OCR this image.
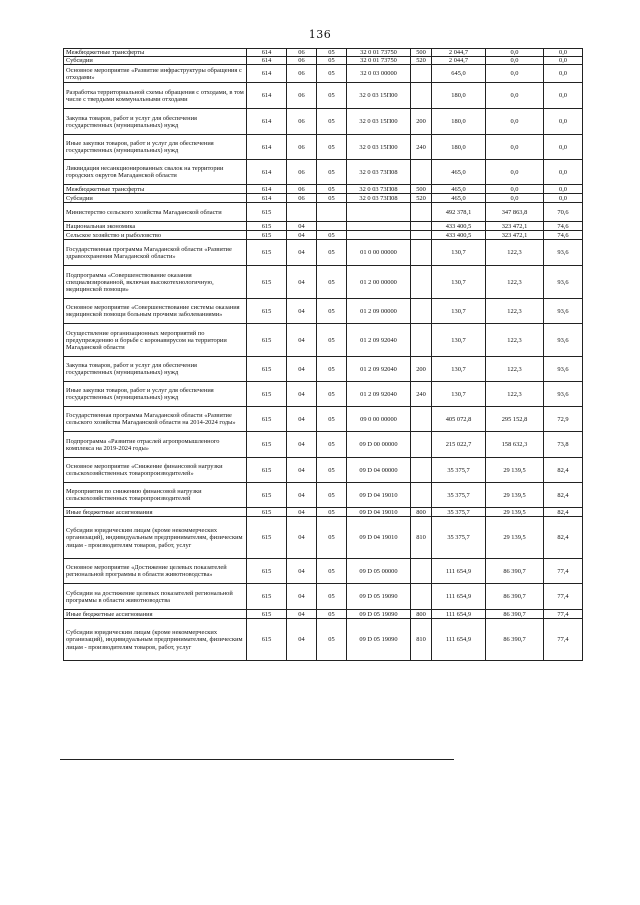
136
Межбюджетные трансферты	614	06	05	32 0 01 73750	500	2 044,7	0,0	0,0
Субсидии	614	06	05	32 0 01 73750	520	2 044,7	0,0	0,0
Основное мероприятие «Развитие инфраструктуры обращения с отходами»	614	06	05	32 0 03 00000		645,0	0,0	0,0
Разработка территориальной схемы обращения с отходами, в том числе с твердыми коммунальными отходами	614	06	05	32 0 03 15П00		180,0	0,0	0,0
Закупка товаров, работ и услуг для обеспечения государственных (муниципальных) нужд	614	06	05	32 0 03 15П00	200	180,0	0,0	0,0
Иные закупки товаров, работ и услуг для обеспечения государственных (муниципальных) нужд	614	06	05	32 0 03 15П00	240	180,0	0,0	0,0
Ликвидация несанкционированных свалок на территории городских округов Магаданской области	614	06	05	32 0 03 73П08		465,0	0,0	0,0
Межбюджетные трансферты	614	06	05	32 0 03 73П08	500	465,0	0,0	0,0
Субсидии	614	06	05	32 0 03 73П08	520	465,0	0,0	0,0
Министерство сельского хозяйства Магаданской области	615					492 378,1	347 863,8	70,6
Национальная экономика	615	04				433 400,5	323 472,1	74,6
Сельское хозяйство и рыболовство	615	04	05			433 400,5	323 472,1	74,6
Государственная программа Магаданской области «Развитие здравоохранения Магаданской области»	615	04	05	01 0 00 00000		130,7	122,3	93,6
Подпрограмма «Совершенствование оказания специализированной, включая высокотехнологичную, медицинской помощи»	615	04	05	01 2 00 00000		130,7	122,3	93,6
Основное мероприятие «Совершенствование системы оказания медицинской помощи больным прочими заболеваниями»	615	04	05	01 2 09 00000		130,7	122,3	93,6
Осуществление организационных мероприятий по предупреждению и борьбе с коронавирусом на территории Магаданской области	615	04	05	01 2 09 92040		130,7	122,3	93,6
Закупка товаров, работ и услуг для обеспечения государственных (муниципальных) нужд	615	04	05	01 2 09 92040	200	130,7	122,3	93,6
Иные закупки товаров, работ и услуг для обеспечения государственных (муниципальных) нужд	615	04	05	01 2 09 92040	240	130,7	122,3	93,6
Государственная программа Магаданской области «Развитие сельского хозяйства Магаданской области на 2014-2024 годы»	615	04	05	09 0 00 00000		405 072,8	295 152,8	72,9
Подпрограмма «Развитие отраслей агропромышленного комплекса на 2019-2024 годы»	615	04	05	09 D 00 00000		215 022,7	158 632,3	73,8
Основное мероприятие «Снижение финансовой нагрузки сельскохозяйственных товаропроизводителей»	615	04	05	09 D 04 00000		35 375,7	29 139,5	82,4
Мероприятия по снижению финансовой нагрузки сельскохозяйственных товаропроизводителей	615	04	05	09 D 04 19010		35 375,7	29 139,5	82,4
Иные бюджетные ассигнования	615	04	05	09 D 04 19010	800	35 375,7	29 139,5	82,4
Субсидии юридическим лицам (кроме некоммерческих организаций), индивидуальным предпринимателям, физическим лицам - производителям товаров, работ, услуг	615	04	05	09 D 04 19010	810	35 375,7	29 139,5	82,4
Основное мероприятие «Достижение целевых показателей региональной программы в области животноводства»	615	04	05	09 D 05 00000		111 654,9	86 390,7	77,4
Субсидии на достижение целевых показателей региональной программы в области животноводства	615	04	05	09 D 05 19090		111 654,9	86 390,7	77,4
Иные бюджетные ассигнования	615	04	05	09 D 05 19090	800	111 654,9	86 390,7	77,4
Субсидии юридическим лицам (кроме некоммерческих организаций), индивидуальным предпринимателям, физическим лицам - производителям товаров, работ, услуг	615	04	05	09 D 05 19090	810	111 654,9	86 390,7	77,4
